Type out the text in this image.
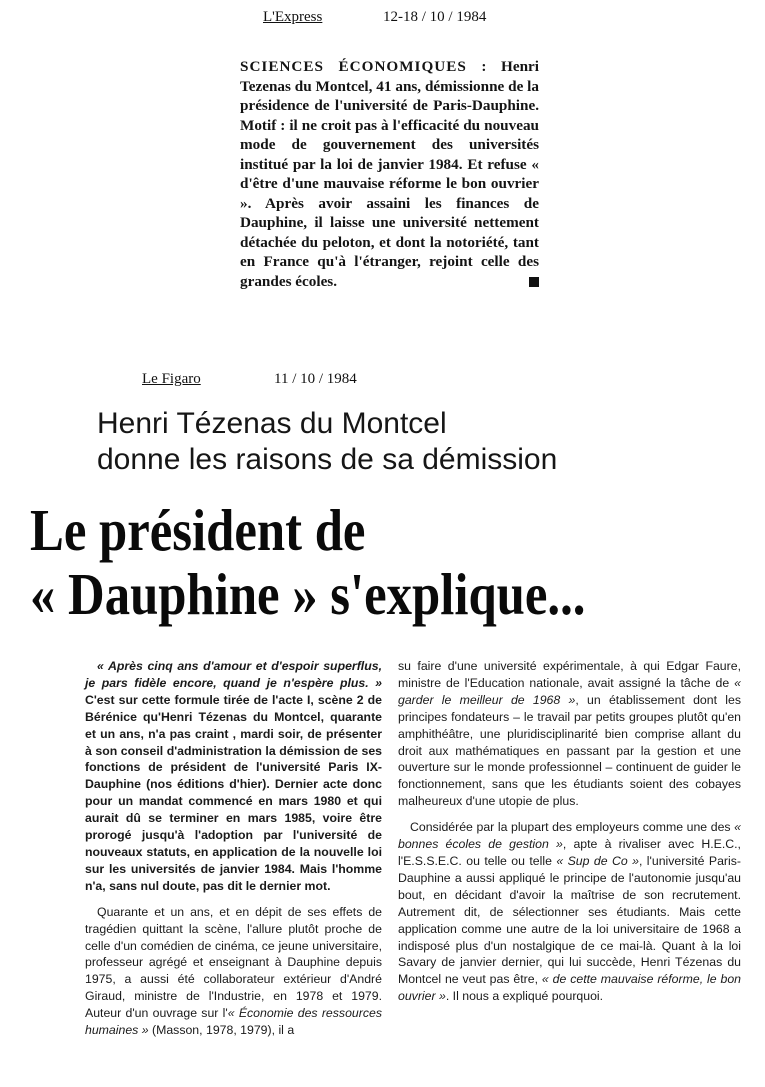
L'Express	12-18 / 10 / 1984
SCIENCES ÉCONOMIQUES : Henri Tezenas du Montcel, 41 ans, démissionne de la présidence de l'université de Paris-Dauphine. Motif : il ne croit pas à l'efficacité du nouveau mode de gouvernement des universités institué par la loi de janvier 1984. Et refuse « d'être d'une mauvaise réforme le bon ouvrier ». Après avoir assaini les finances de Dauphine, il laisse une université nettement détachée du peloton, et dont la notoriété, tant en France qu'à l'étranger, rejoint celle des grandes écoles.
Le Figaro	11 / 10 / 1984
Henri Tézenas du Montcel
donne les raisons de sa démission
Le président de
« Dauphine » s'explique...

« Après cinq ans d'amour et d'espoir superflus, je pars fidèle encore, quand je n'espère plus. » C'est sur cette formule tirée de l'acte I, scène 2 de Bérénice qu'Henri Tézenas du Montcel, quarante et un ans, n'a pas craint , mardi soir, de présenter à son conseil d'administration la démission de ses fonctions de président de l'université Paris IX-Dauphine (nos éditions d'hier). Dernier acte donc pour un mandat commencé en mars 1980 et qui aurait dû se terminer en mars 1985, voire être prorogé jusqu'à l'adoption par l'université de nouveaux statuts, en application de la nouvelle loi sur les universités de janvier 1984. Mais l'homme n'a, sans nul doute, pas dit le dernier mot.

Quarante et un ans, et en dépit de ses effets de tragédien quittant la scène, l'allure plutôt proche de celle d'un comédien de cinéma, ce jeune universitaire, professeur agrégé et enseignant à Dauphine depuis 1975, a aussi été collaborateur extérieur d'André Giraud, ministre de l'Industrie, en 1978 et 1979. Auteur d'un ouvrage sur l'« Économie des ressources humaines » (Masson, 1978, 1979), il a

su faire d'une université expérimentale, à qui Edgar Faure, ministre de l'Education nationale, avait assigné la tâche de « garder le meilleur de 1968 », un établissement dont les principes fondateurs – le travail par petits groupes plutôt qu'en amphithéâtre, une pluridisciplinarité bien comprise allant du droit aux mathématiques en passant par la gestion et une ouverture sur le monde professionnel – continuent de guider le fonctionnement, sans que les étudiants soient des cobayes malheureux d'une utopie de plus.

Considérée par la plupart des employeurs comme une des « bonnes écoles de gestion », apte à rivaliser avec H.E.C., l'E.S.S.E.C. ou telle ou telle « Sup de Co », l'université Paris-Dauphine a aussi appliqué le principe de l'autonomie jusqu'au bout, en décidant d'avoir la maîtrise de son recrutement. Autrement dit, de sélectionner ses étudiants. Mais cette application comme une autre de la loi universitaire de 1968 a indisposé plus d'un nostalgique de ce mai-là. Quant à la loi Savary de janvier dernier, qui lui succède, Henri Tézenas du Montcel ne veut pas être, « de cette mauvaise réforme, le bon ouvrier ». Il nous a expliqué pourquoi.
